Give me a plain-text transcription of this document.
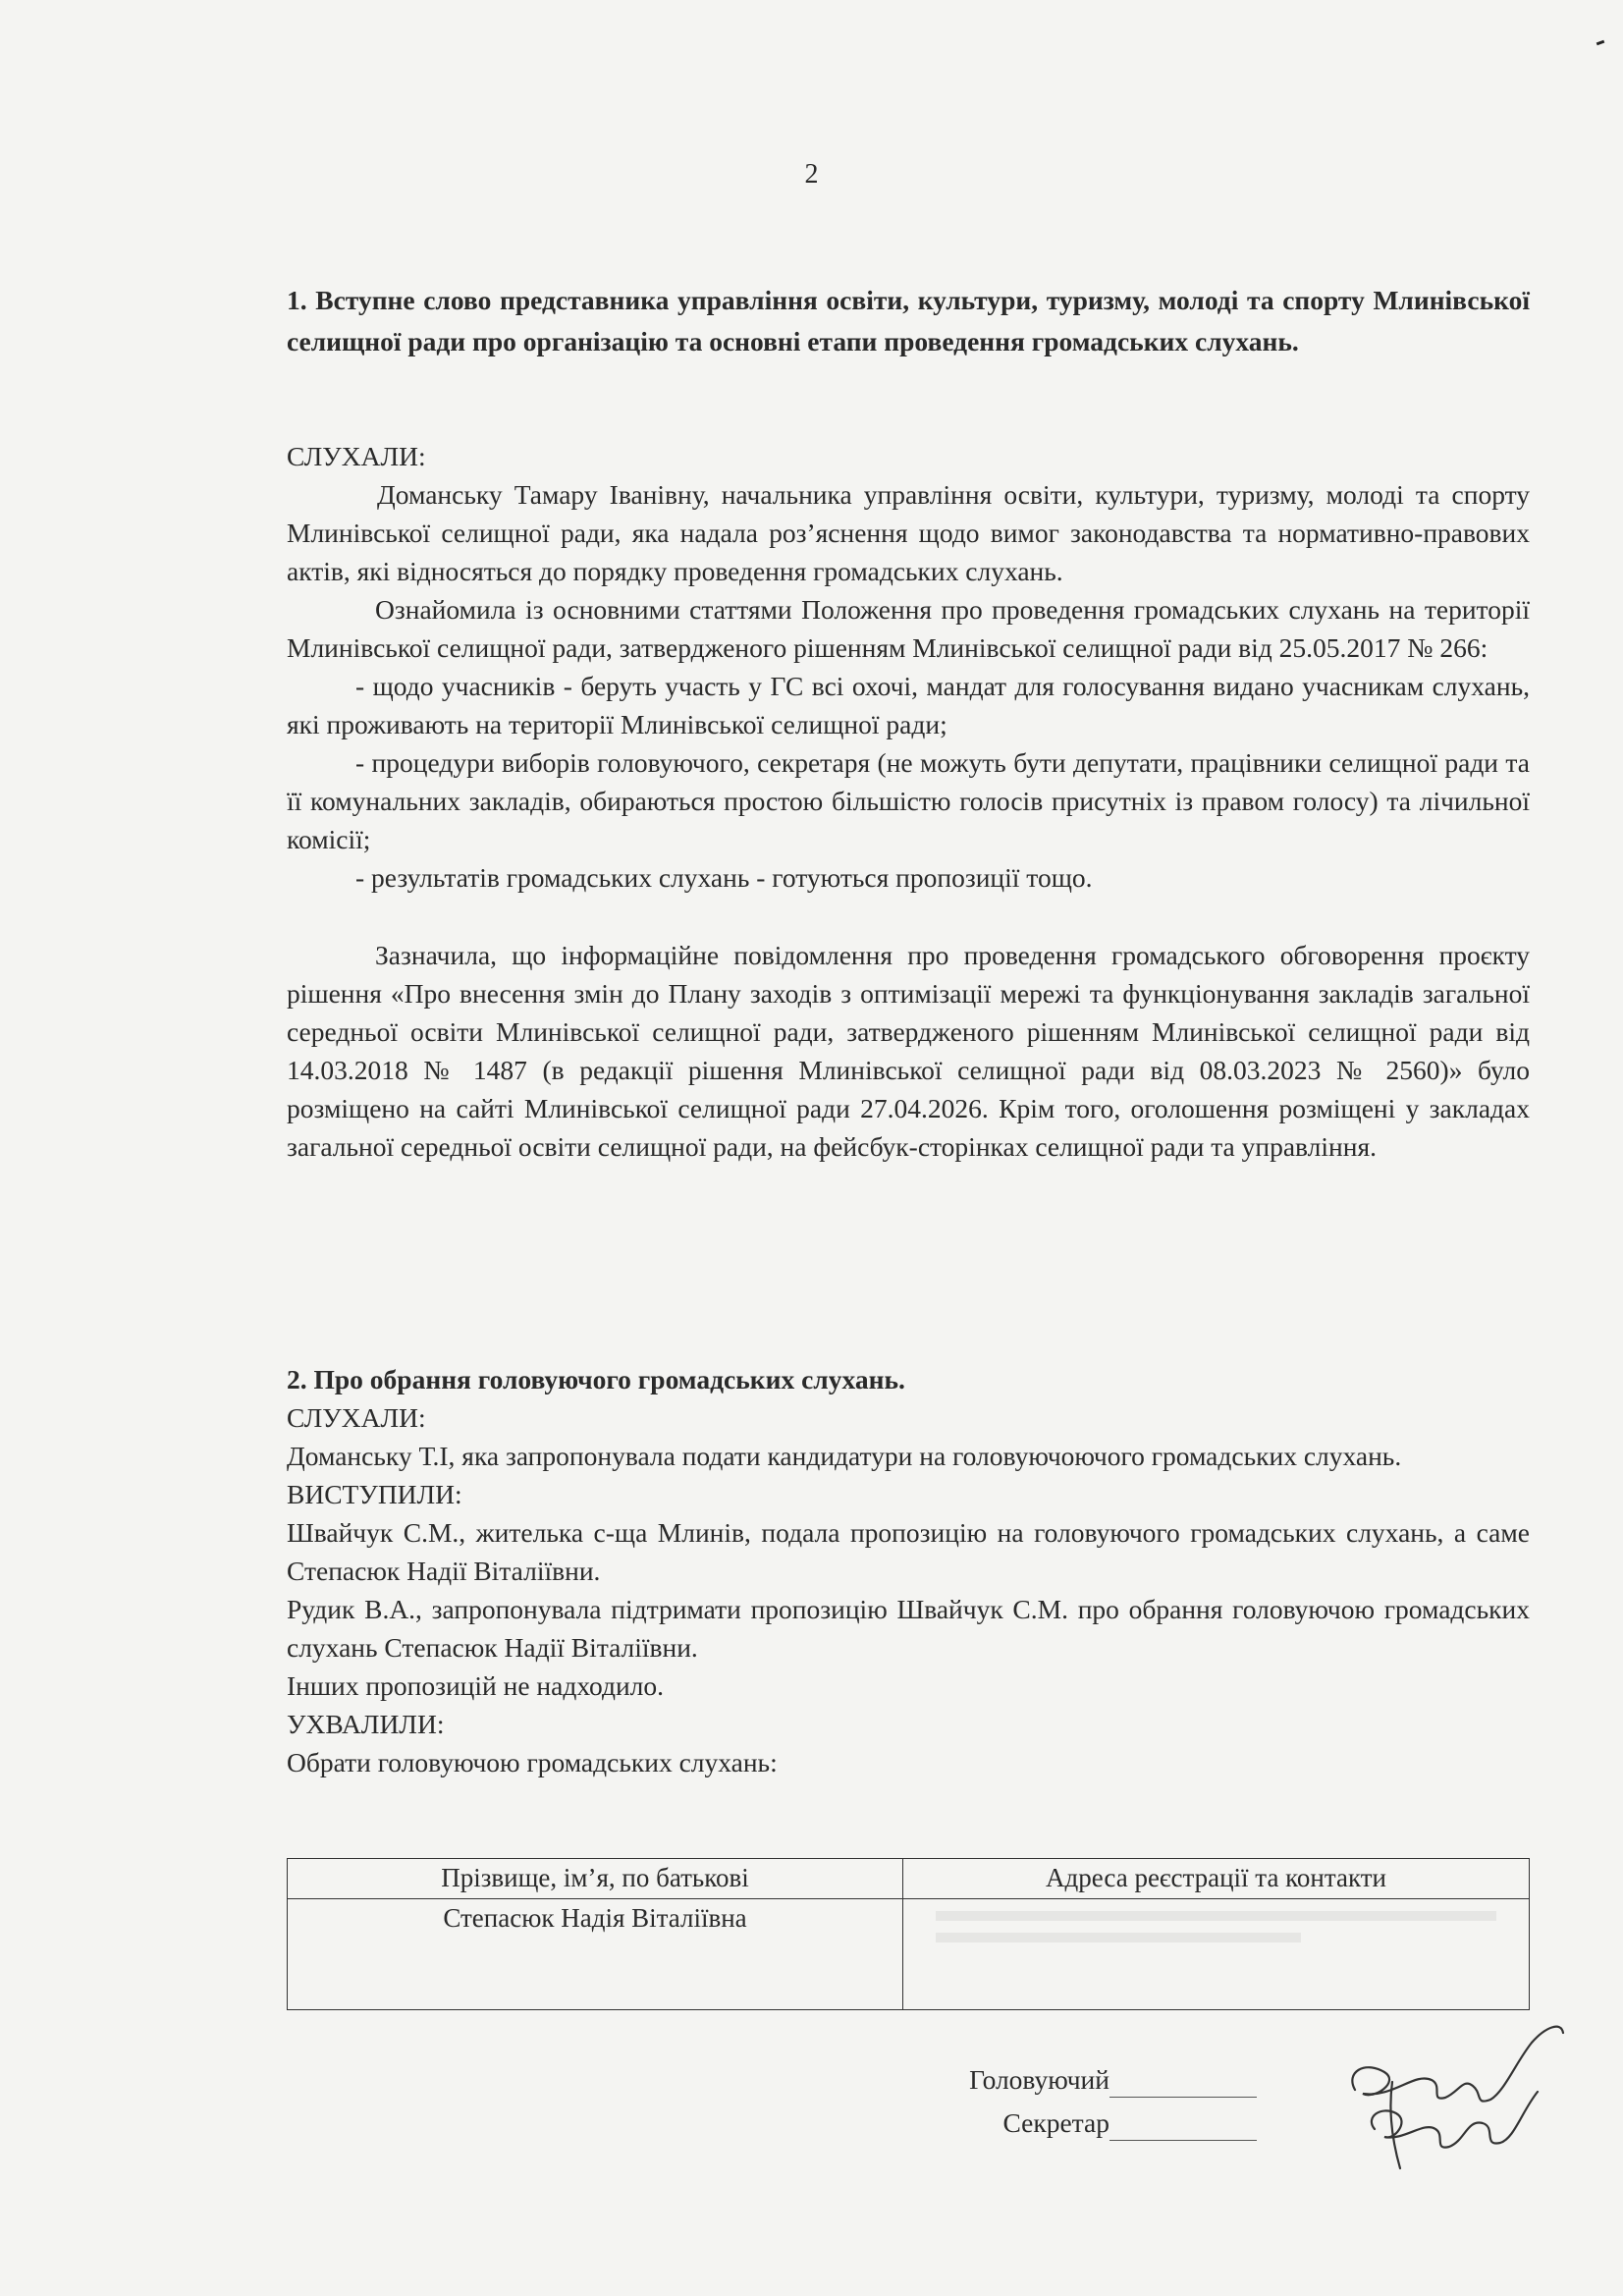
2
1. Вступне слово представника управління освіти, культури, туризму, молоді та спорту Млинівської селищної ради про організацію та основні етапи проведення громадських слухань.
СЛУХАЛИ:

Доманську Тамару Іванівну, начальника управління освіти, культури, туризму, молоді та спорту Млинівської селищної ради, яка надала роз’яснення щодо вимог законодавства та нормативно-правових актів, які відносяться до порядку проведення громадських слухань.

Ознайомила із основними статтями Положення про проведення громадських слухань на території Млинівської селищної ради, затвердженого рішенням Млинівської селищної ради від 25.05.2017 № 266:

- щодо учасників - беруть участь у ГС всі охочі, мандат для голосування видано учасникам слухань, які проживають на території Млинівської селищної ради;

- процедури виборів головуючого, секретаря (не можуть бути депутати, працівники селищної ради та її комунальних закладів, обираються простою більшістю голосів присутніх із правом голосу) та лічильної комісії;

- результатів громадських слухань - готуються пропозиції тощо.

Зазначила, що інформаційне повідомлення про проведення громадського обговорення проєкту рішення «Про внесення змін до Плану заходів з оптимізації мережі та функціонування закладів загальної середньої освіти Млинівської селищної ради, затвердженого рішенням Млинівської селищної ради від 14.03.2018 № 1487 (в редакції рішення Млинівської селищної ради від 08.03.2023 № 2560)» було розміщено на сайті Млинівської селищної ради 27.04.2026. Крім того, оголошення розміщені у закладах загальної середньої освіти селищної ради, на фейсбук-сторінках селищної ради та управління.

2. Про обрання головуючого громадських слухань.
СЛУХАЛИ:

Доманську Т.І, яка запропонувала подати кандидатури на головуючоючого громадських слухань.

ВИСТУПИЛИ:

Швайчук С.М., жителька с-ща Млинів, подала пропозицію на головуючого громадських слухань, а саме Степасюк Надії Віталіївни.

Рудик В.А., запропонувала підтримати пропозицію Швайчук С.М. про обрання головуючою громадських слухань Степасюк Надії Віталіївни.

Інших пропозицій не надходило.

УХВАЛИЛИ:

Обрати головуючою громадських слухань:

Прізвище, ім’я, по батькові	Адреса реєстрації та контакти
Степасюк Надія Віталіївна	
Головуючий
Секретар
